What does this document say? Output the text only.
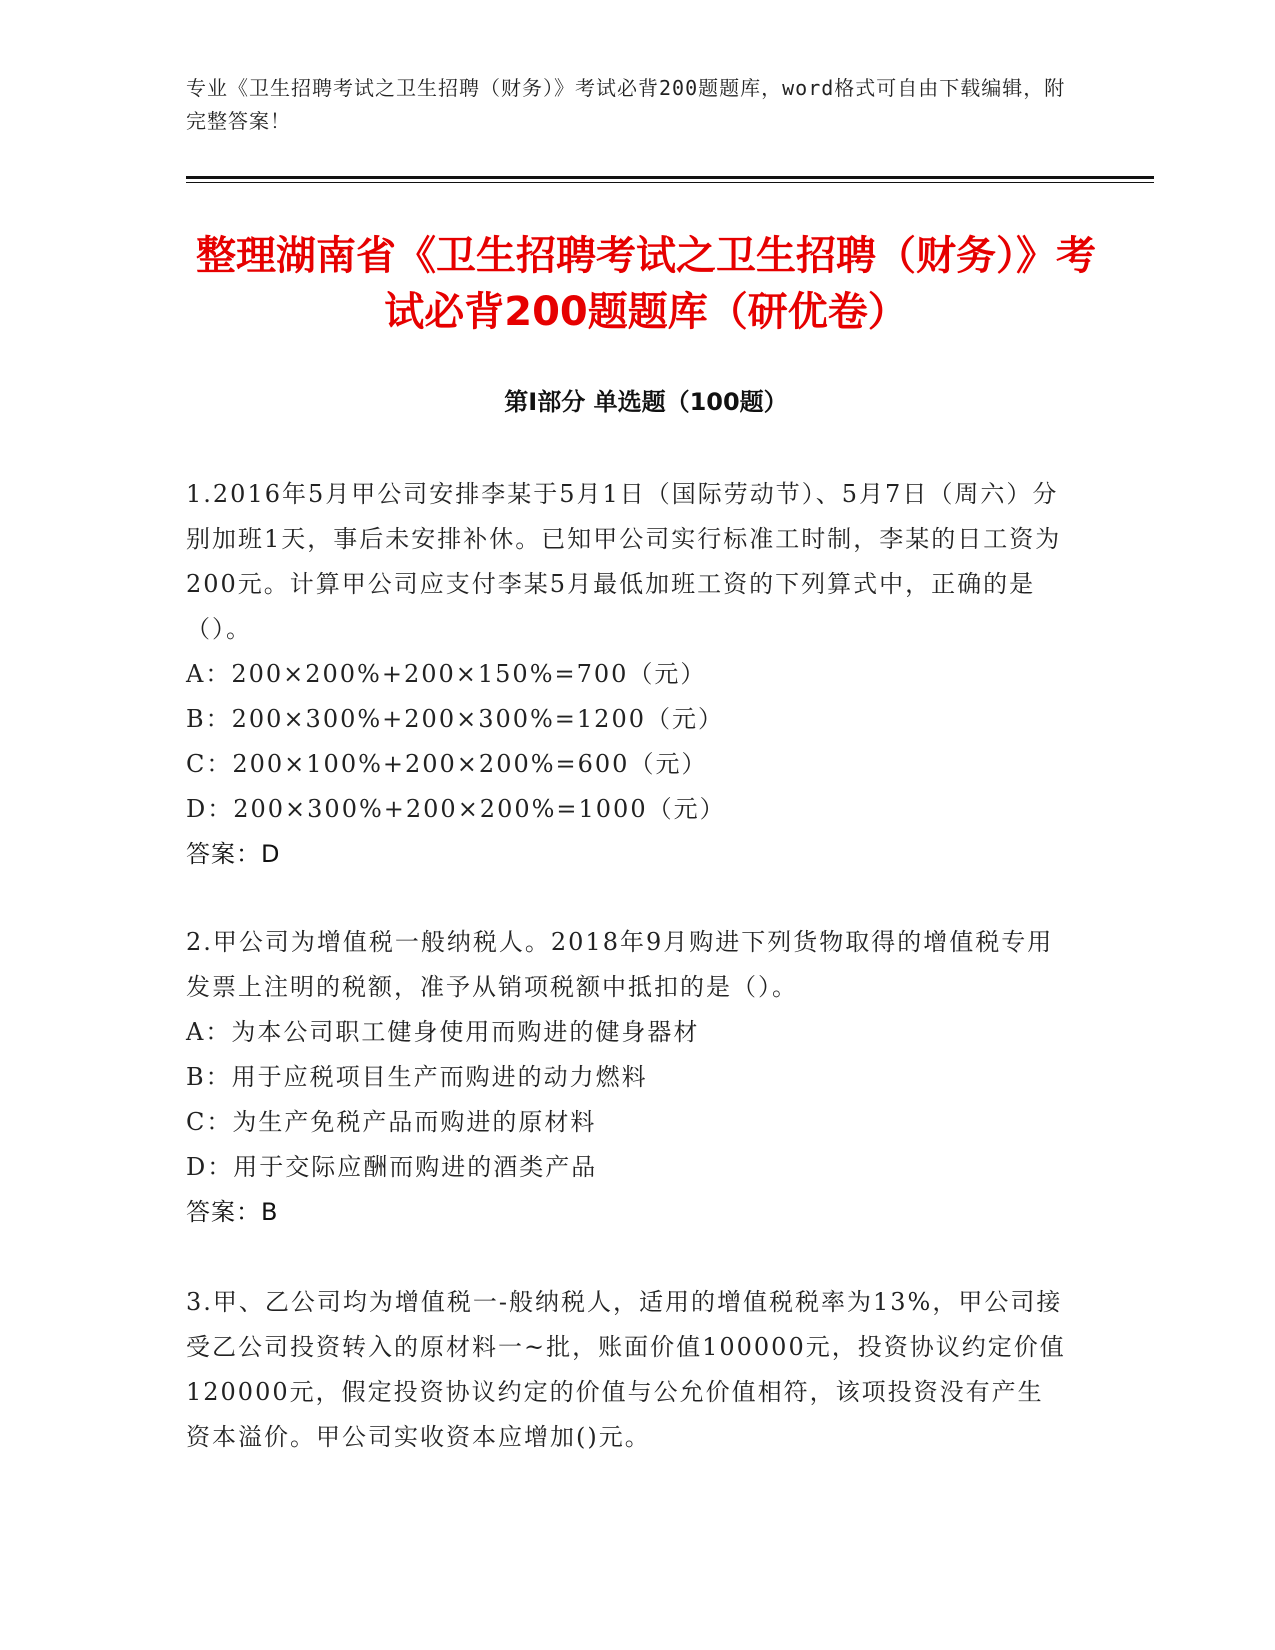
专业《卫生招聘考试之卫生招聘（财务）》考试必背200题题库，word格式可自由下载编辑，附完整答案！
整理湖南省《卫生招聘考试之卫生招聘（财务）》考试必背200题题库（研优卷）
第Ⅰ部分 单选题（100题）

1.2016年5月甲公司安排李某于5月1日（国际劳动节）、5月7日（周六）分别加班1天，事后未安排补休。已知甲公司实行标准工时制，李某的日工资为200元。计算甲公司应支付李某5月最低加班工资的下列算式中，正确的是（）。

A：200×200%+200×150%=700（元）

B：200×300%+200×300%=1200（元）

C：200×100%+200×200%=600（元）

D：200×300%+200×200%=1000（元）

答案：D

2.甲公司为增值税一般纳税人。2018年9月购进下列货物取得的增值税专用发票上注明的税额，准予从销项税额中抵扣的是（）。

A：为本公司职工健身使用而购进的健身器材

B：用于应税项目生产而购进的动力燃料

C：为生产免税产品而购进的原材料

D：用于交际应酬而购进的酒类产品

答案：B

3.甲、乙公司均为增值税一-般纳税人，适用的增值税税率为13%，甲公司接受乙公司投资转入的原材料一~批，账面价值100000元，投资协议约定价值120000元，假定投资协议约定的价值与公允价值相符，该项投资没有产生资本溢价。甲公司实收资本应增加()元。
